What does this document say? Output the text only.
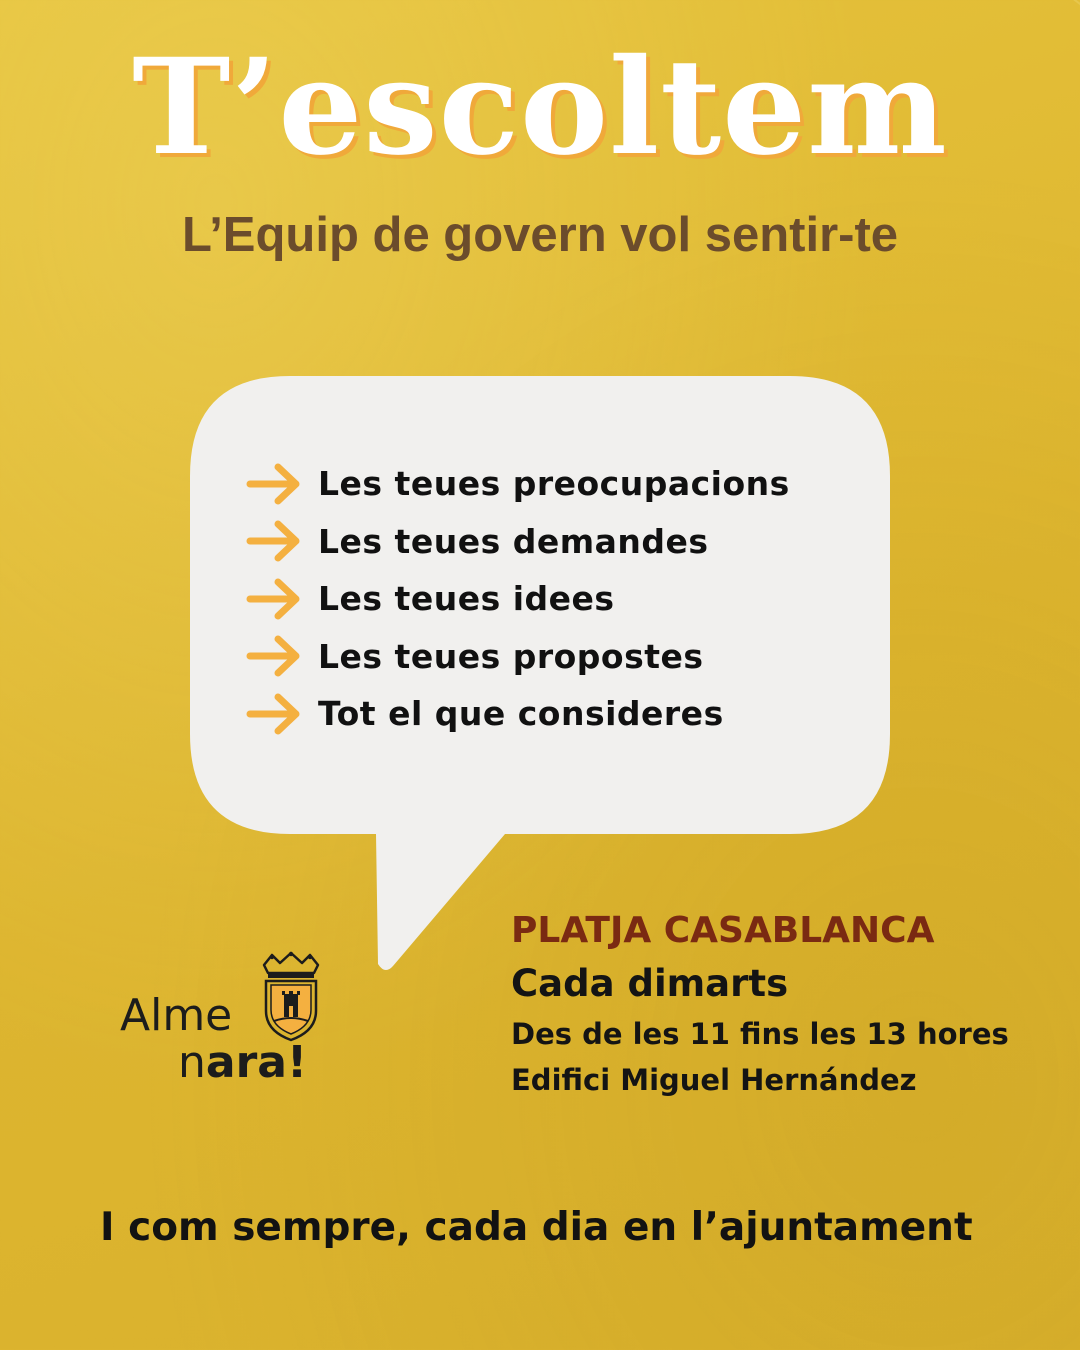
T’escoltem
L’Equip de govern vol sentir-te
Les teues preocupacions
Les teues demandes
Les teues idees
Les teues propostes
Tot el que consideres
Alme
nara!

PLATJA CASABLANCA

Cada dimarts

Des de les 11 fins les 13 hores

Edifici Miguel Hernández

I com sempre, cada dia en l’ajuntament
